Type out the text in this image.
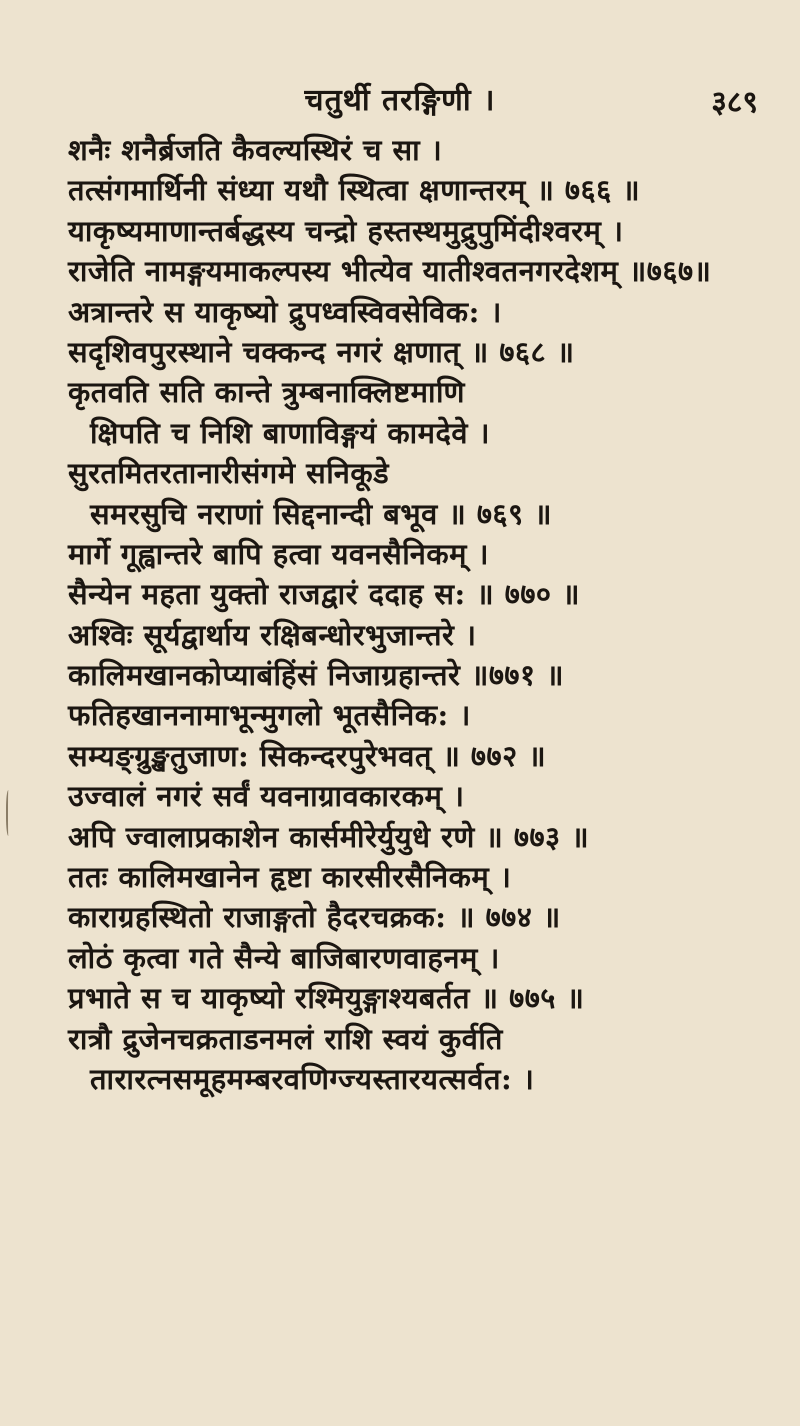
चतुर्थी तरङ्गिणी ।	३८९
शनैः शनैर्ब्रजति कैवल्यस्थिरं च सा ।
तत्संगमार्थिनी संध्या यथौ स्थित्वा क्षणान्तरम् ॥ ७६६ ॥
याकृष्यमाणान्तर्बद्धस्य चन्द्रो हस्तस्थमुद्रुपुमिंदीश्वरम् ।
राजेति नामङ्गयमाकल्पस्य भीत्येव यातीश्वतनगरदेशम् ॥७६७॥
अत्रान्तरे स याकृष्यो द्रुपध्वस्विवसेविक: ।
सदृशिवपुरस्थाने चक्कन्द नगरं क्षणात् ॥ ७६८ ॥
कृतवति सति कान्ते त्रुम्बनाक्लिष्टमाणि
क्षिपति च निशि बाणाविङ्गयं कामदेवे ।
सुरतमितरतानारीसंगमे सनिकूडे
समरसुचि नराणां सिद्दनान्दी बभूव ॥ ७६९ ॥
मार्गे गूह्वान्तरे बापि हत्वा यवनसैनिकम् ।
सैन्येन महता युक्तो राजद्वारं ददाह स: ॥ ७७० ॥
अश्विः सूर्यद्वार्थाय रक्षिबन्धोरभुजान्तरे ।
कालिमखानकोप्याबंहिंसं निजाग्रहान्तरे ॥७७१ ॥
फतिहखाननामाभून्मुगलो भूतसैनिक: ।
सम्यङ्ग्रुङ्खतुजाण: सिकन्दरपुरेभवत् ॥ ७७२ ॥
उज्वालं नगरं सर्वं यवनाग्रावकारकम् ।
अपि ज्वालाप्रकाशेन कार्समीरेर्युयुधे रणे ॥ ७७३ ॥
ततः कालिमखानेन हृष्टा कारसीरसैनिकम् ।
काराग्रहस्थितो राजाङ्गतो हैदरचक्रक: ॥ ७७४ ॥
लोठं कृत्वा गते सैन्ये बाजिबारणवाहनम् ।
प्रभाते स च याकृष्यो रश्मियुङ्गाश्यबर्तत ॥ ७७५ ॥
रात्रौ द्रुजेनचक्रताडनमलं राशि स्वयं कुर्वति
तारारत्नसमूहमम्बरवणिग्ज्यस्तारयत्सर्वत: ।
